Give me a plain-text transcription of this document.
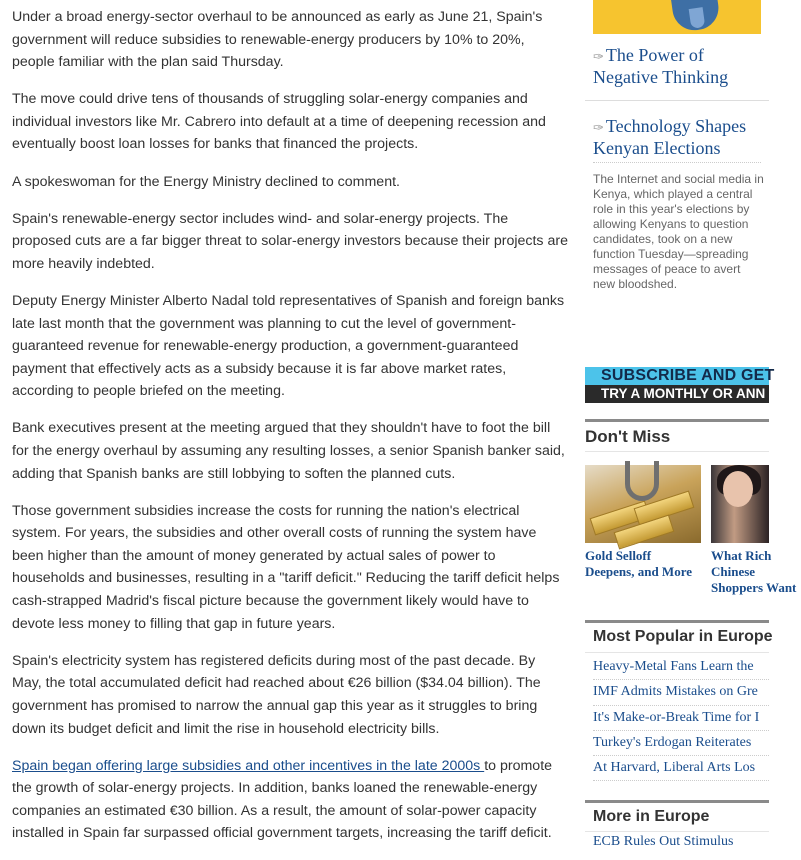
Under a broad energy-sector overhaul to be announced as early as June 21, Spain's government will reduce subsidies to renewable-energy producers by 10% to 20%, people familiar with the plan said Thursday.

The move could drive tens of thousands of struggling solar-energy companies and individual investors like Mr. Cabrero into default at a time of deepening recession and eventually boost loan losses for banks that financed the projects.

A spokeswoman for the Energy Ministry declined to comment.

Spain's renewable-energy sector includes wind- and solar-energy projects. The proposed cuts are a far bigger threat to solar-energy investors because their projects are more heavily indebted.

Deputy Energy Minister Alberto Nadal told representatives of Spanish and foreign banks late last month that the government was planning to cut the level of government-guaranteed revenue for renewable-energy production, a government-guaranteed payment that effectively acts as a subsidy because it is far above market rates, according to people briefed on the meeting.

Bank executives present at the meeting argued that they shouldn't have to foot the bill for the energy overhaul by assuming any resulting losses, a senior Spanish banker said, adding that Spanish banks are still lobbying to soften the planned cuts.

Those government subsidies increase the costs for running the nation's electrical system. For years, the subsidies and other overall costs of running the system have been higher than the amount of money generated by actual sales of power to households and businesses, resulting in a "tariff deficit." Reducing the tariff deficit helps cash-strapped Madrid's fiscal picture because the government likely would have to devote less money to filling that gap in future years.

Spain's electricity system has registered deficits during most of the past decade. By May, the total accumulated deficit had reached about €26 billion ($34.04 billion). The government has promised to narrow the annual gap this year as it struggles to bring down its budget deficit and limit the rise in household electricity bills.

Spain began offering large subsidies and other incentives in the late 2000s to promote the growth of solar-energy projects. In addition, banks loaned the renewable-energy companies an estimated €30 billion. As a result, the amount of solar-power capacity installed in Spain far surpassed official government targets, increasing the tariff deficit.

✑ The Power of Negative Thinking
✑ Technology Shapes Kenyan Elections
The Internet and social media in Kenya, which played a central role in this year's elections by allowing Kenyans to question candidates, took on a new function Tuesday—spreading messages of peace to avert new bloodshed.
SUBSCRIBE AND GET
TRY A MONTHLY OR ANN
Don't Miss
Gold Selloff Deepens, and More
What Rich Chinese Shoppers Want
Most Popular in Europe
Heavy-Metal Fans Learn the
IMF Admits Mistakes on Gre
It's Make-or-Break Time for I
Turkey's Erdogan Reiterates
At Harvard, Liberal Arts Los
More in Europe
ECB Rules Out Stimulus
